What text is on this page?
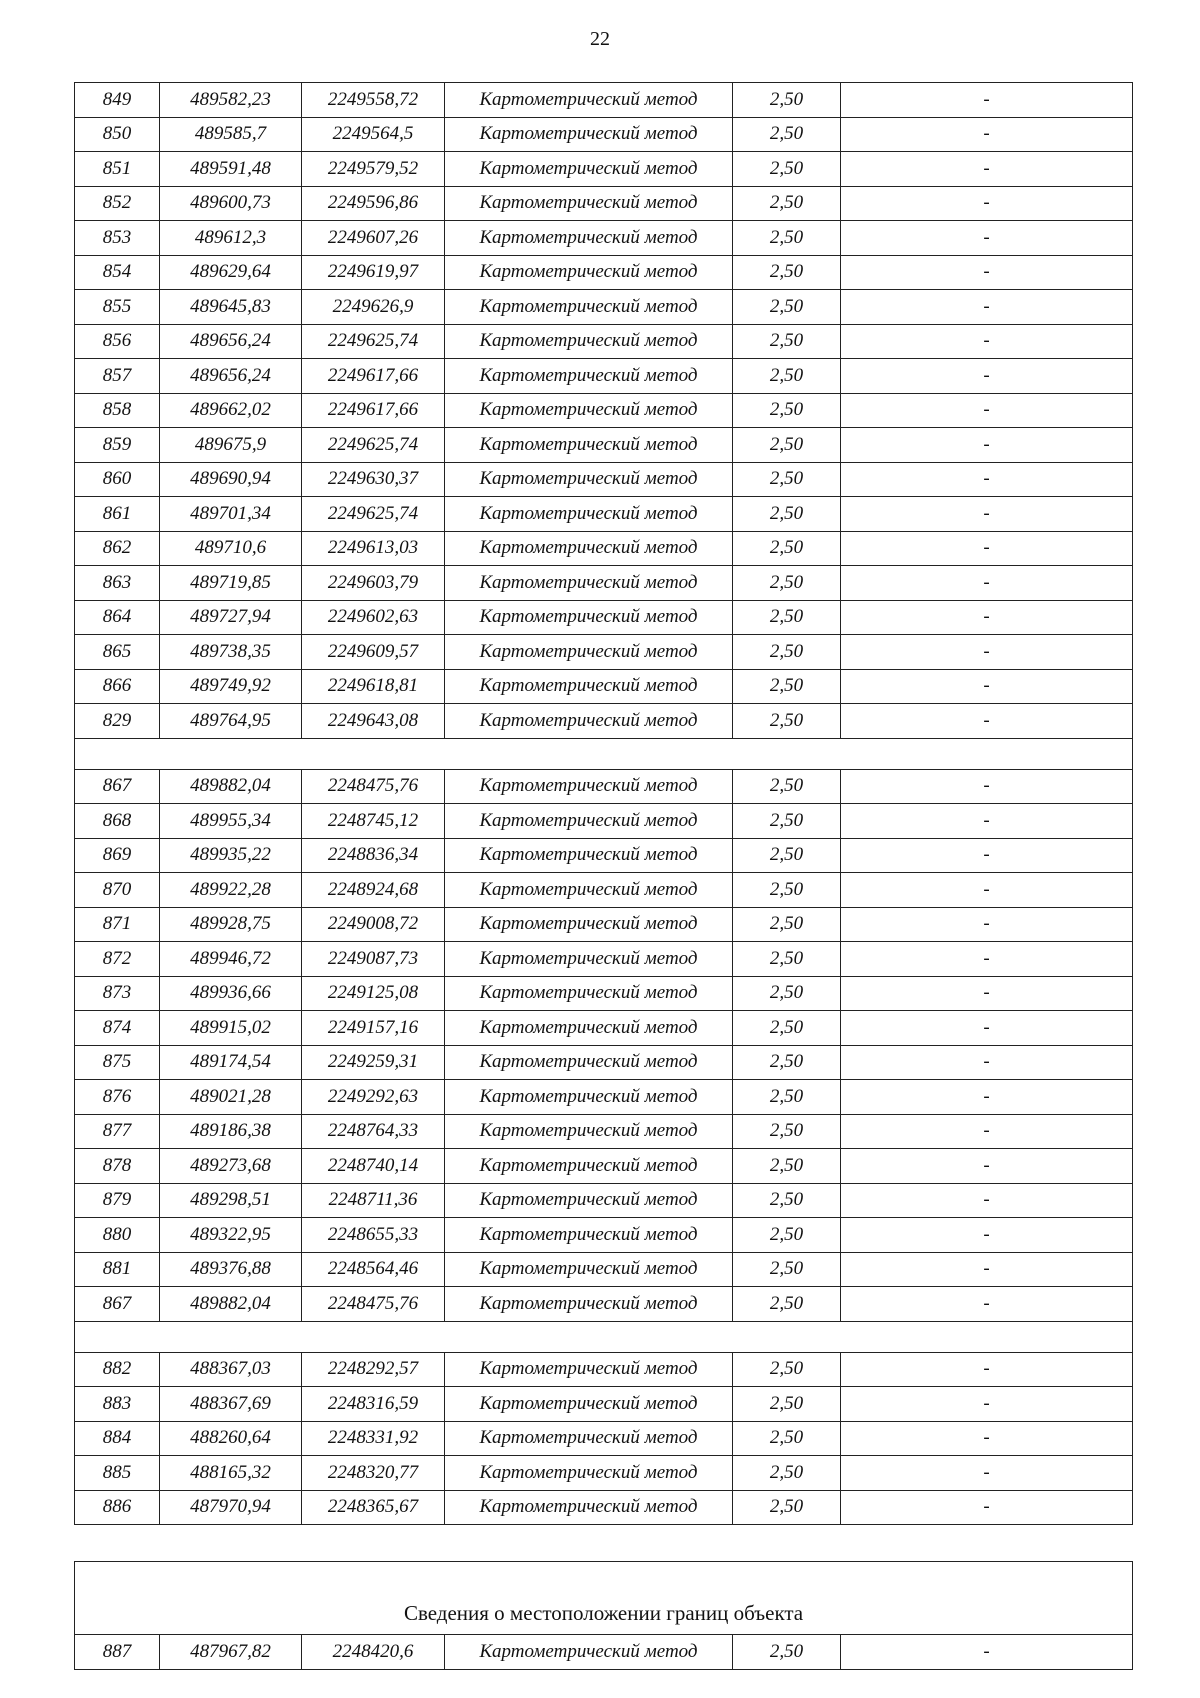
22
849	489582,23	2249558,72	Картометрический метод	2,50	-
850	489585,7	2249564,5	Картометрический метод	2,50	-
851	489591,48	2249579,52	Картометрический метод	2,50	-
852	489600,73	2249596,86	Картометрический метод	2,50	-
853	489612,3	2249607,26	Картометрический метод	2,50	-
854	489629,64	2249619,97	Картометрический метод	2,50	-
855	489645,83	2249626,9	Картометрический метод	2,50	-
856	489656,24	2249625,74	Картометрический метод	2,50	-
857	489656,24	2249617,66	Картометрический метод	2,50	-
858	489662,02	2249617,66	Картометрический метод	2,50	-
859	489675,9	2249625,74	Картометрический метод	2,50	-
860	489690,94	2249630,37	Картометрический метод	2,50	-
861	489701,34	2249625,74	Картометрический метод	2,50	-
862	489710,6	2249613,03	Картометрический метод	2,50	-
863	489719,85	2249603,79	Картометрический метод	2,50	-
864	489727,94	2249602,63	Картометрический метод	2,50	-
865	489738,35	2249609,57	Картометрический метод	2,50	-
866	489749,92	2249618,81	Картометрический метод	2,50	-
829	489764,95	2249643,08	Картометрический метод	2,50	-

867	489882,04	2248475,76	Картометрический метод	2,50	-
868	489955,34	2248745,12	Картометрический метод	2,50	-
869	489935,22	2248836,34	Картометрический метод	2,50	-
870	489922,28	2248924,68	Картометрический метод	2,50	-
871	489928,75	2249008,72	Картометрический метод	2,50	-
872	489946,72	2249087,73	Картометрический метод	2,50	-
873	489936,66	2249125,08	Картометрический метод	2,50	-
874	489915,02	2249157,16	Картометрический метод	2,50	-
875	489174,54	2249259,31	Картометрический метод	2,50	-
876	489021,28	2249292,63	Картометрический метод	2,50	-
877	489186,38	2248764,33	Картометрический метод	2,50	-
878	489273,68	2248740,14	Картометрический метод	2,50	-
879	489298,51	2248711,36	Картометрический метод	2,50	-
880	489322,95	2248655,33	Картометрический метод	2,50	-
881	489376,88	2248564,46	Картометрический метод	2,50	-
867	489882,04	2248475,76	Картометрический метод	2,50	-

882	488367,03	2248292,57	Картометрический метод	2,50	-
883	488367,69	2248316,59	Картометрический метод	2,50	-
884	488260,64	2248331,92	Картометрический метод	2,50	-
885	488165,32	2248320,77	Картометрический метод	2,50	-
886	487970,94	2248365,67	Картометрический метод	2,50	-
Сведения о местоположении границ объекта
887	487967,82	2248420,6	Картометрический метод	2,50	-
